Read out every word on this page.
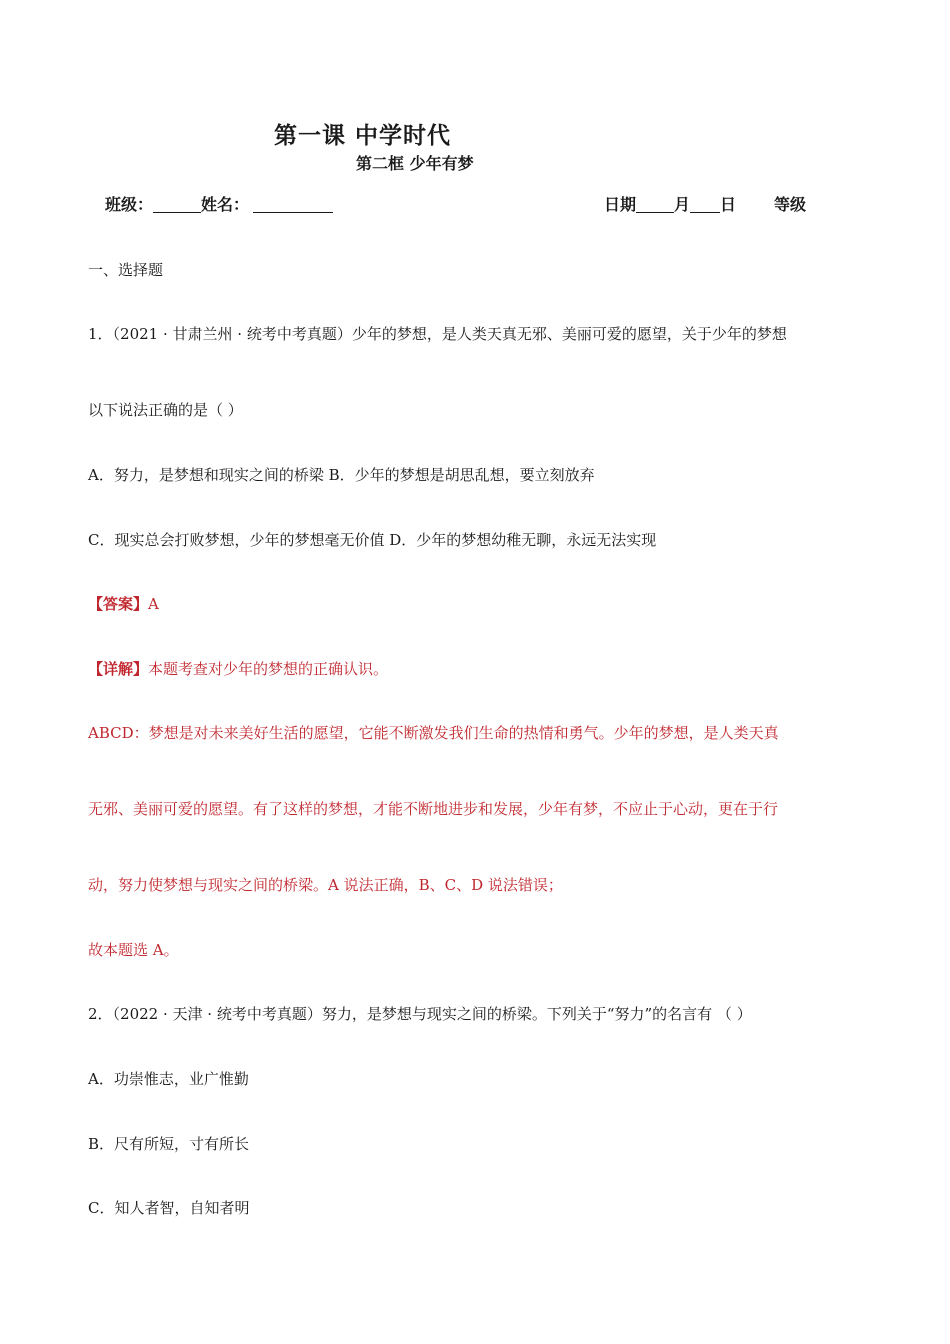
第一课 中学时代
第二框 少年有梦
班级：	姓名：	日期 月 日 等级
一、选择题
1．（2021 · 甘肃兰州 · 统考中考真题）少年的梦想，是人类天真无邪、美丽可爱的愿望，关于少年的梦想
以下说法正确的是（ ）
A．努力，是梦想和现实之间的桥梁 B．少年的梦想是胡思乱想，要立刻放弃
C．现实总会打败梦想，少年的梦想毫无价值 D．少年的梦想幼稚无聊，永远无法实现
【答案】A
【详解】本题考查对少年的梦想的正确认识。
ABCD：梦想是对未来美好生活的愿望，它能不断激发我们生命的热情和勇气。少年的梦想，是人类天真
无邪、美丽可爱的愿望。有了这样的梦想，才能不断地进步和发展，少年有梦，不应止于心动，更在于行
动，努力使梦想与现实之间的桥梁。A 说法正确，B、C、D 说法错误；
故本题选 A。
2．（2022 · 天津 · 统考中考真题）努力，是梦想与现实之间的桥梁。下列关于“努力”的名言有 （ ）
A．功崇惟志，业广惟勤
B．尺有所短，寸有所长
C．知人者智，自知者明
